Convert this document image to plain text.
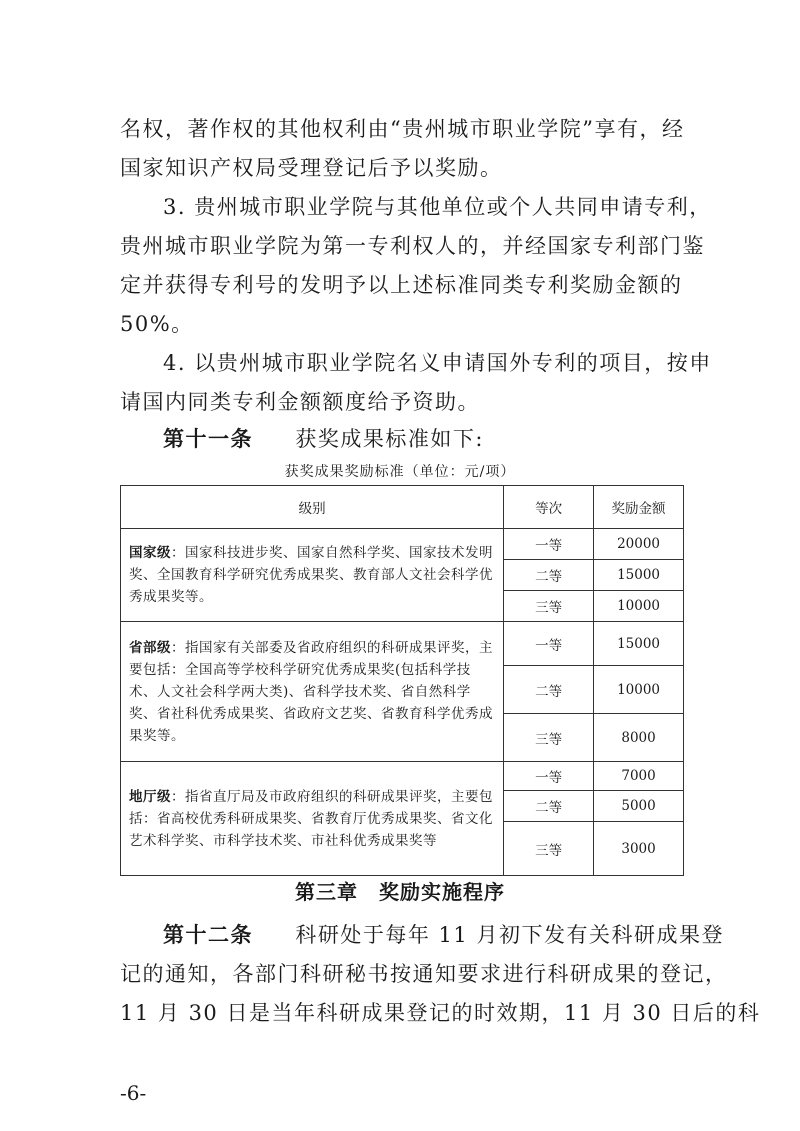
名权，著作权的其他权利由“贵州城市职业学院”享有，经
国家知识产权局受理登记后予以奖励。
3. 贵州城市职业学院与其他单位或个人共同申请专利，
贵州城市职业学院为第一专利权人的，并经国家专利部门鉴
定并获得专利号的发明予以上述标准同类专利奖励金额的
50%。
4. 以贵州城市职业学院名义申请国外专利的项目，按申
请国内同类专利金额额度给予资助。
第十一条 获奖成果标准如下:
获奖成果奖励标准（单位：元/项）
级别	等次	奖励金额
国家级：国家科技进步奖、国家自然科学奖、国家技术发明奖、全国教育科学研究优秀成果奖、教育部人文社会科学优秀成果奖等。	一等	20000
	二等	15000
	三等	10000
省部级：指国家有关部委及省政府组织的科研成果评奖，主要包括：全国高等学校科学研究优秀成果奖(包括科学技术、人文社会科学两大类)、省科学技术奖、省自然科学奖、省社科优秀成果奖、省政府文艺奖、省教育科学优秀成果奖等。	一等	15000
	二等	10000
	三等	8000
地厅级：指省直厅局及市政府组织的科研成果评奖，主要包括：省高校优秀科研成果奖、省教育厅优秀成果奖、省文化艺术科学奖、市科学技术奖、市社科优秀成果奖等	一等	7000
	二等	5000
	三等	3000
第三章　奖励实施程序
第十二条 科研处于每年 11 月初下发有关科研成果登
记的通知，各部门科研秘书按通知要求进行科研成果的登记，
11 月 30 日是当年科研成果登记的时效期，11 月 30 日后的科
-6-
